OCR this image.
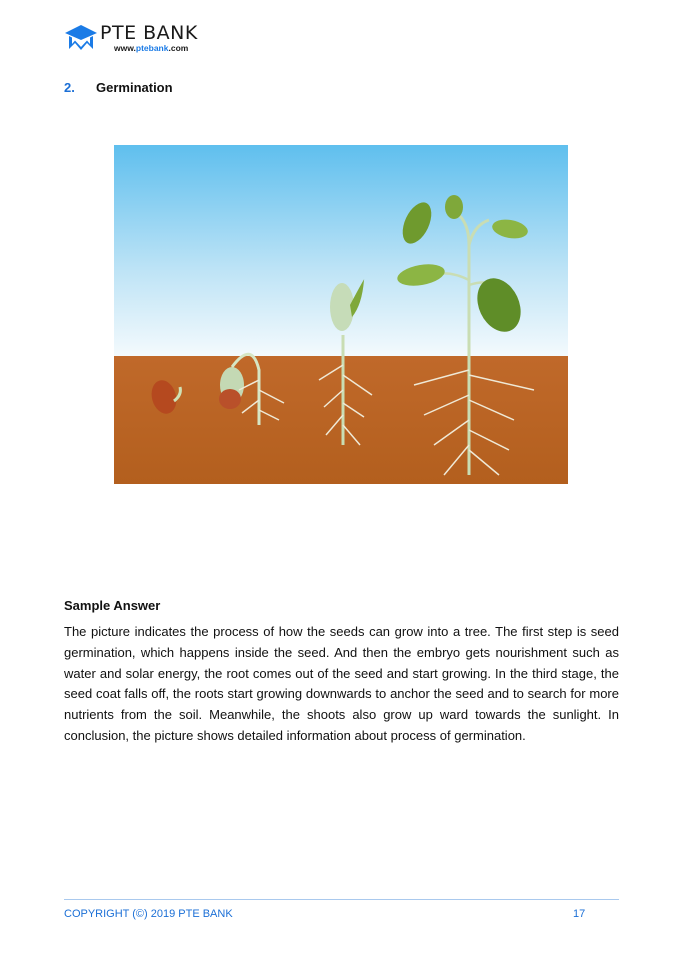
PTE BANK
www.ptebank.com
2.	Germination
Sample Answer

The picture indicates the process of how the seeds can grow into a tree. The first step is seed germination, which happens inside the seed. And then the embryo gets nourishment such as water and solar energy, the root comes out of the seed and start growing. In the third stage, the seed coat falls off, the roots start growing downwards to anchor the seed and to search for more nutrients from the soil. Meanwhile, the shoots also grow up ward towards the sunlight. In conclusion, the picture shows detailed information about process of germination.

COPYRIGHT (©) 2019 PTE BANK	17
